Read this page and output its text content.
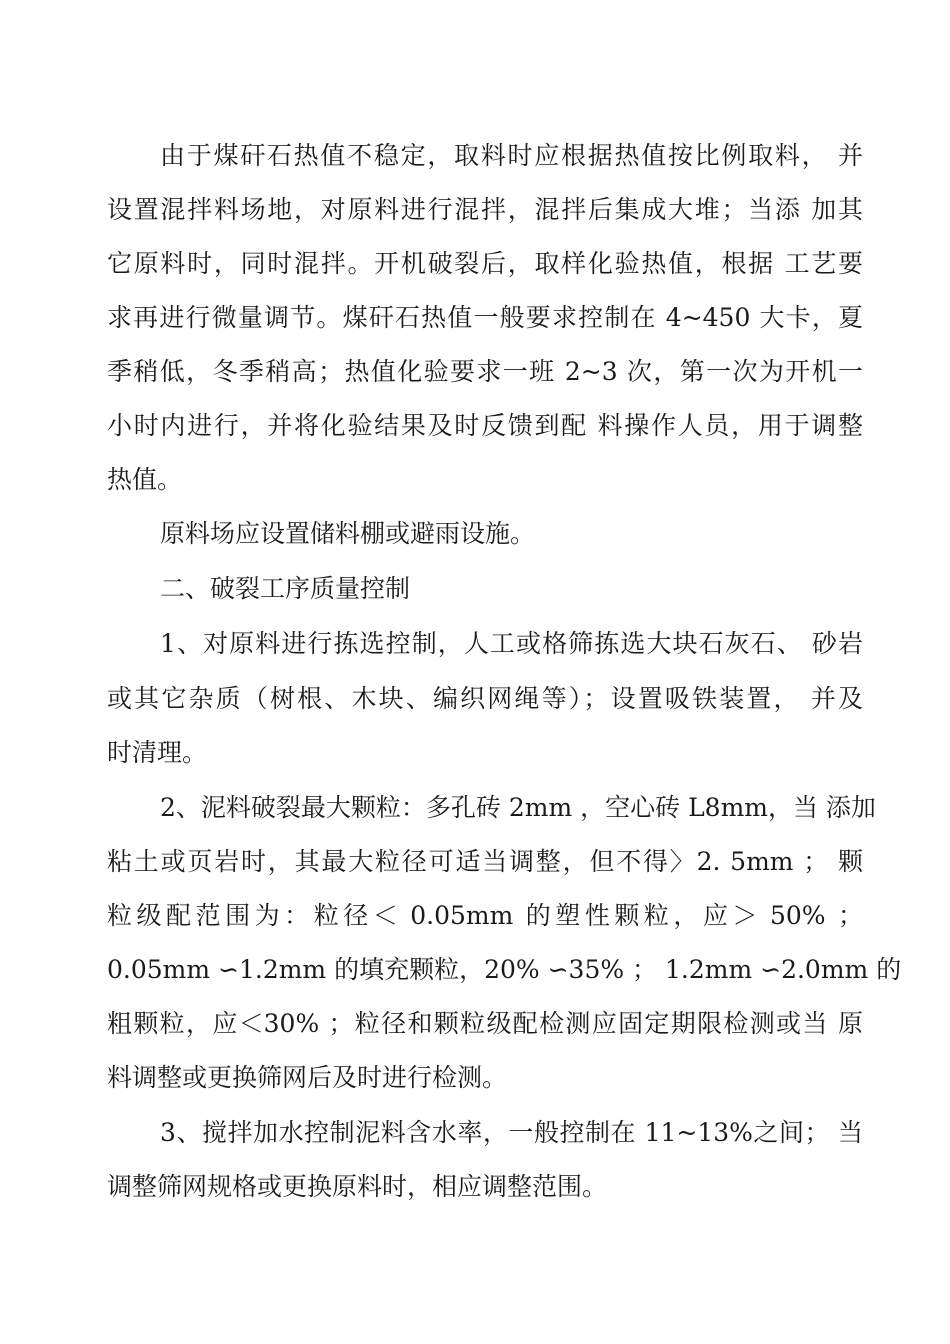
由于煤矸石热值不稳定，取料时应根据热值按比例取料， 并
设置混拌料场地，对原料进行混拌，混拌后集成大堆；当添 加其
它原料时，同时混拌。开机破裂后，取样化验热值，根据 工艺要
求再进行微量调节。煤矸石热值一般要求控制在 4~450 大卡，夏
季稍低，冬季稍高；热值化验要求一班 2~3 次，第一次为开机一
小时内进行，并将化验结果及时反馈到配 料操作人员，用于调整
热值。
原料场应设置储料棚或避雨设施。
二、破裂工序质量控制
1、对原料进行拣选控制，人工或格筛拣选大块石灰石、 砂岩
或其它杂质（树根、木块、编织网绳等）；设置吸铁装置， 并及
时清理。
2、泥料破裂最大颗粒：多孔砖 2mm ，空心砖 L8mm，当 添加
粘土或页岩时，其最大粒径可适当调整，但不得〉2. 5mm ； 颗
粒级配范围为：粒径＜ 0.05mm 的塑性颗粒，应＞ 50% ；
0.05mm ∽1.2mm 的填充颗粒，20% ∽35% ； 1.2mm ∽2.0mm 的
粗颗粒，应＜30% ；粒径和颗粒级配检测应固定期限检测或当 原
料调整或更换筛网后及时进行检测。
3、搅拌加水控制泥料含水率，一般控制在 11~13%之间； 当
调整筛网规格或更换原料时，相应调整范围。
